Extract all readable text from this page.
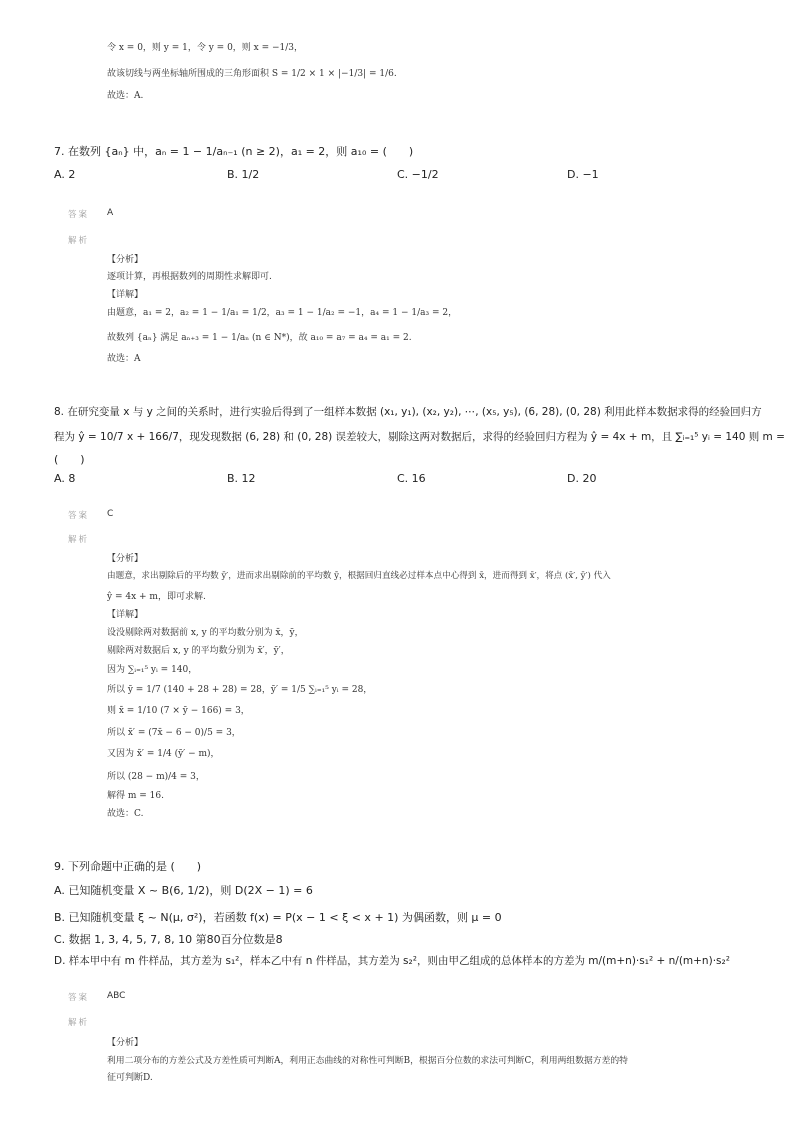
令 x = 0，则 y = 1，令 y = 0，则 x = −1/3，
故该切线与两坐标轴所围成的三角形面积 S = 1/2 × 1 × |−1/3| = 1/6.
故选：A.
7. 在数列 {aₙ} 中，aₙ = 1 − 1/aₙ₋₁ (n ≥ 2)，a₁ = 2，则 a₁₀ = (　　)
A. 2	B. 1/2	C. −1/2	D. −1
答案 A
解析
【分析】
逐项计算，再根据数列的周期性求解即可.
【详解】
由题意，a₁ = 2，a₂ = 1 − 1/a₁ = 1/2，a₃ = 1 − 1/a₂ = −1，a₄ = 1 − 1/a₃ = 2，
故数列 {aₙ} 满足 aₙ₊₃ = 1 − 1/aₙ (n ∈ N*)，故 a₁₀ = a₇ = a₄ = a₁ = 2.
故选：A
8. 在研究变量 x 与 y 之间的关系时，进行实验后得到了一组样本数据 (x₁, y₁), (x₂, y₂), ⋯, (x₅, y₅), (6, 28), (0, 28) 利用此样本数据求得的经验回归方
程为 ŷ = 10/7 x + 166/7，现发现数据 (6, 28) 和 (0, 28) 误差较大，剔除这两对数据后，求得的经验回归方程为 ŷ = 4x + m，且 ∑ᵢ₌₁⁵ yᵢ = 140 则 m =
(　　)
A. 8	B. 12	C. 16	D. 20
答案 C
解析
【分析】
由题意，求出剔除后的平均数 ȳ′，进而求出剔除前的平均数 ȳ，根据回归直线必过样本点中心得到 x̄，进而得到 x̄′，将点 (x̄′, ȳ′) 代入
ŷ = 4x + m，即可求解.
【详解】
设没剔除两对数据前 x, y 的平均数分别为 x̄，ȳ，
剔除两对数据后 x, y 的平均数分别为 x̄′，ȳ′，
因为 ∑ᵢ₌₁⁵ yᵢ = 140，
所以 ȳ = 1/7 (140 + 28 + 28) = 28，ȳ′ = 1/5 ∑ᵢ₌₁⁵ yᵢ = 28，
则 x̄ = 1/10 (7 × ȳ − 166) = 3，
所以 x̄′ = (7x̄ − 6 − 0)/5 = 3，
又因为 x̄′ = 1/4 (ȳ′ − m)，
所以 (28 − m)/4 = 3，
解得 m = 16.
故选：C.
9. 下列命题中正确的是 (　　)
A. 已知随机变量 X ~ B(6, 1/2)，则 D(2X − 1) = 6
B. 已知随机变量 ξ ~ N(μ, σ²)，若函数 f(x) = P(x − 1 < ξ < x + 1) 为偶函数，则 μ = 0
C. 数据 1, 3, 4, 5, 7, 8, 10 第80百分位数是8
D. 样本甲中有 m 件样品，其方差为 s₁²，样本乙中有 n 件样品，其方差为 s₂²，则由甲乙组成的总体样本的方差为 m/(m+n)·s₁² + n/(m+n)·s₂²
答案 ABC
解析
【分析】
利用二项分布的方差公式及方差性质可判断A，利用正态曲线的对称性可判断B，根据百分位数的求法可判断C，利用两组数据方差的特
征可判断D.
